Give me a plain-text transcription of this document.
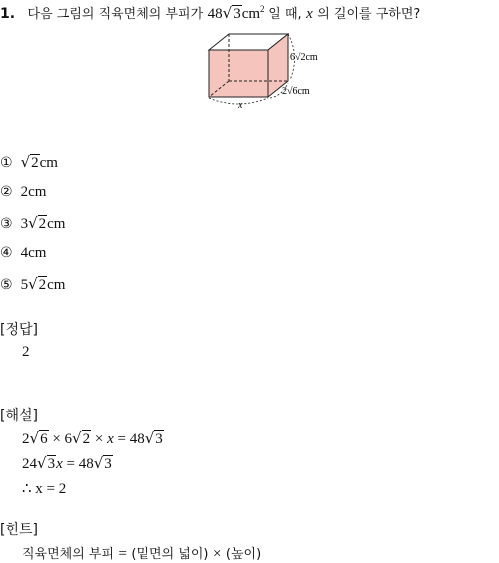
1. 다음 그림의 직육면체의 부피가 $48√3cm^2$ 일 때, x 의 길이를 구하면?
6√2cm
2√6cm
x
① √2cm
② 2cm
③ 3√2cm
④ 4cm
⑤ 5√2cm
[정답]
2
[해설]
2√6 × 6√2 × x = 48√3
24√3x = 48√3
∴ x = 2
[힌트]
직육면체의 부피 = (밑면의 넓이) × (높이)
